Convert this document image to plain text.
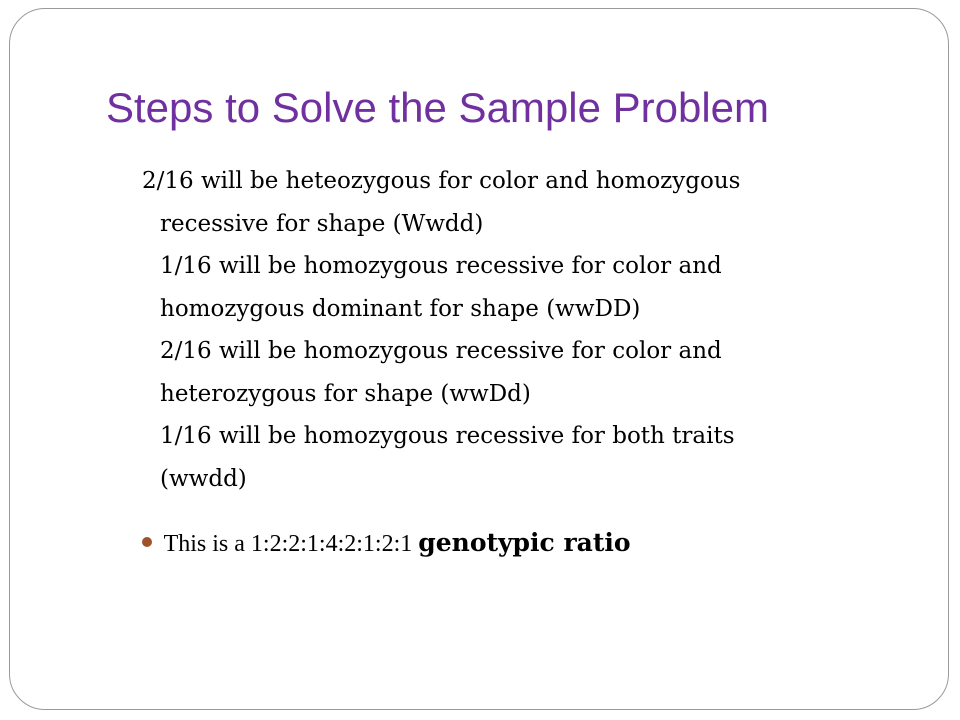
Steps to Solve the Sample Problem
2/16 will be heteozygous for color and homozygous
recessive for shape (Wwdd)
1/16 will be homozygous recessive for color and
homozygous dominant for shape (wwDD)
2/16 will be homozygous recessive for color and
heterozygous for shape (wwDd)
1/16 will be homozygous recessive for both traits
(wwdd)
This is a 1:2:2:1:4:2:1:2:1 genotypic ratio
